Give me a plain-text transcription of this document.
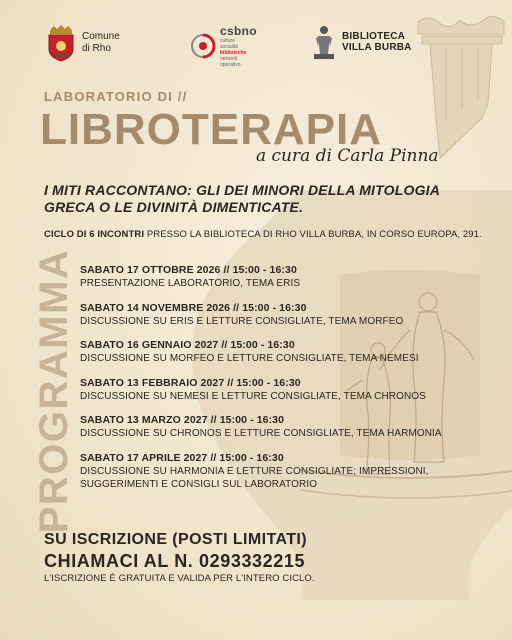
Comune
di Rho
csbno
culture
socialità
biblioteche
network
operativo
BIBLIOTECA
VILLA BURBA
LABORATORIO DI //
LIBROTERAPIA
a cura di Carla Pinna
I MITI RACCONTANO: GLI DEI MINORI DELLA MITOLOGIA GRECA O LE DIVINITÀ DIMENTICATE.
CICLO DI 6 INCONTRI PRESSO LA BIBLIOTECA DI RHO VILLA BURBA, IN CORSO EUROPA, 291.
PROGRAMMA SABATO 17 OTTOBRE 2026 // 15:00 - 16:30
PRESENTAZIONE LABORATORIO, TEMA ERIS
SABATO 14 NOVEMBRE 2026 // 15:00 - 16:30
DISCUSSIONE SU ERIS E LETTURE CONSIGLIATE, TEMA MORFEO
SABATO 16 GENNAIO 2027 // 15:00 - 16:30
DISCUSSIONE SU MORFEO E LETTURE CONSIGLIATE, TEMA NEMESI
SABATO 13 FEBBRAIO 2027 // 15:00 - 16:30
DISCUSSIONE SU NEMESI E LETTURE CONSIGLIATE, TEMA CHRONOS
SABATO 13 MARZO 2027 // 15:00 - 16:30
DISCUSSIONE SU CHRONOS E LETTURE CONSIGLIATE, TEMA HARMONIA
SABATO 17 APRILE 2027 // 15:00 - 16:30
DISCUSSIONE SU HARMONIA E LETTURE CONSIGLIATE; IMPRESSIONI, SUGGERIMENTI E CONSIGLI SUL LABORATORIO
SU ISCRIZIONE (POSTI LIMITATI)
CHIAMACI AL N. 0293332215
L'ISCRIZIONE È GRATUITA E VALIDA PER L'INTERO CICLO.
